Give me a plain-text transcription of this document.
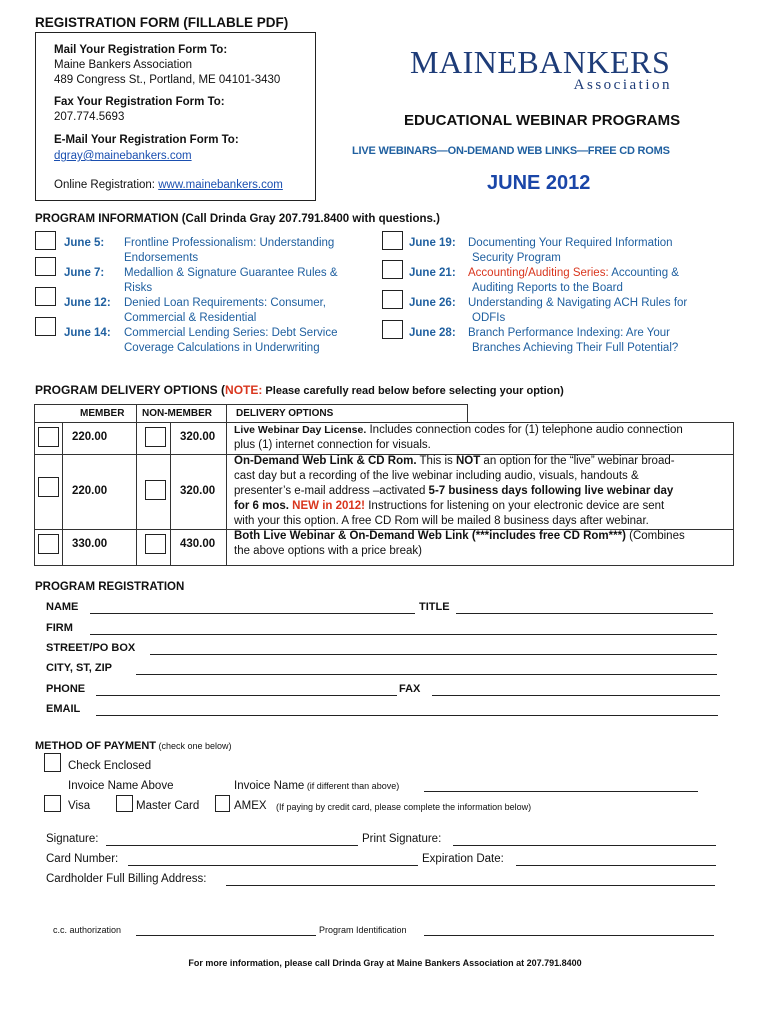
REGISTRATION FORM (FILLABLE PDF)
Mail Your Registration Form To:
Maine Bankers Association
489 Congress St., Portland, ME 04101-3430
Fax Your Registration Form To:
207.774.5693
E-Mail Your Registration Form To:
dgray@mainebankers.com
Online Registration: www.mainebankers.com
MAINEBANKERS
Association
EDUCATIONAL WEBINAR PROGRAMS
LIVE WEBINARS—ON-DEMAND WEB LINKS—FREE CD ROMS
JUNE 2012
PROGRAM INFORMATION (Call Drinda Gray 207.791.8400 with questions.)
June 5: Frontline Professionalism: Understanding
Endorsements
June 7: Medallion & Signature Guarantee Rules &
Risks
June 12: Denied Loan Requirements: Consumer,
Commercial & Residential
June 14: Commercial Lending Series: Debt Service
Coverage Calculations in Underwriting
June 19: Documenting Your Required Information
Security Program
June 21: Accounting/Auditing Series: Accounting &
Auditing Reports to the Board
June 26: Understanding & Navigating ACH Rules for
ODFIs
June 28: Branch Performance Indexing: Are Your
Branches Achieving Their Full Potential?
PROGRAM DELIVERY OPTIONS (NOTE: Please carefully read below before selecting your option)
MEMBER NON-MEMBER DELIVERY OPTIONS
220.00	320.00
Live Webinar Day License. Includes connection codes for (1) telephone audio connection
plus (1) internet connection for visuals.
220.00	320.00
On-Demand Web Link & CD Rom. This is NOT an option for the “live” webinar broad-
cast day but a recording of the live webinar including audio, visuals, handouts &
presenter’s e-mail address –activated 5-7 business days following live webinar day
for 6 mos. NEW in 2012! Instructions for listening on your electronic device are sent
with your this option. A free CD Rom will be mailed 8 business days after webinar.
330.00	430.00
Both Live Webinar & On-Demand Web Link (***includes free CD Rom***) (Combines
the above options with a price break)
PROGRAM REGISTRATION
NAME	TITLE
FIRM
STREET/PO BOX
CITY, ST, ZIP
PHONE	FAX
EMAIL
METHOD OF PAYMENT (check one below)
Check Enclosed
Invoice Name Above	Invoice Name (if different than above)
Visa	Master Card	AMEX (If paying by credit card, please complete the information below)
Signature:	Print Signature:
Card Number:	Expiration Date:
Cardholder Full Billing Address:
c.c. authorization	Program Identification
For more information, please call Drinda Gray at Maine Bankers Association at 207.791.8400
